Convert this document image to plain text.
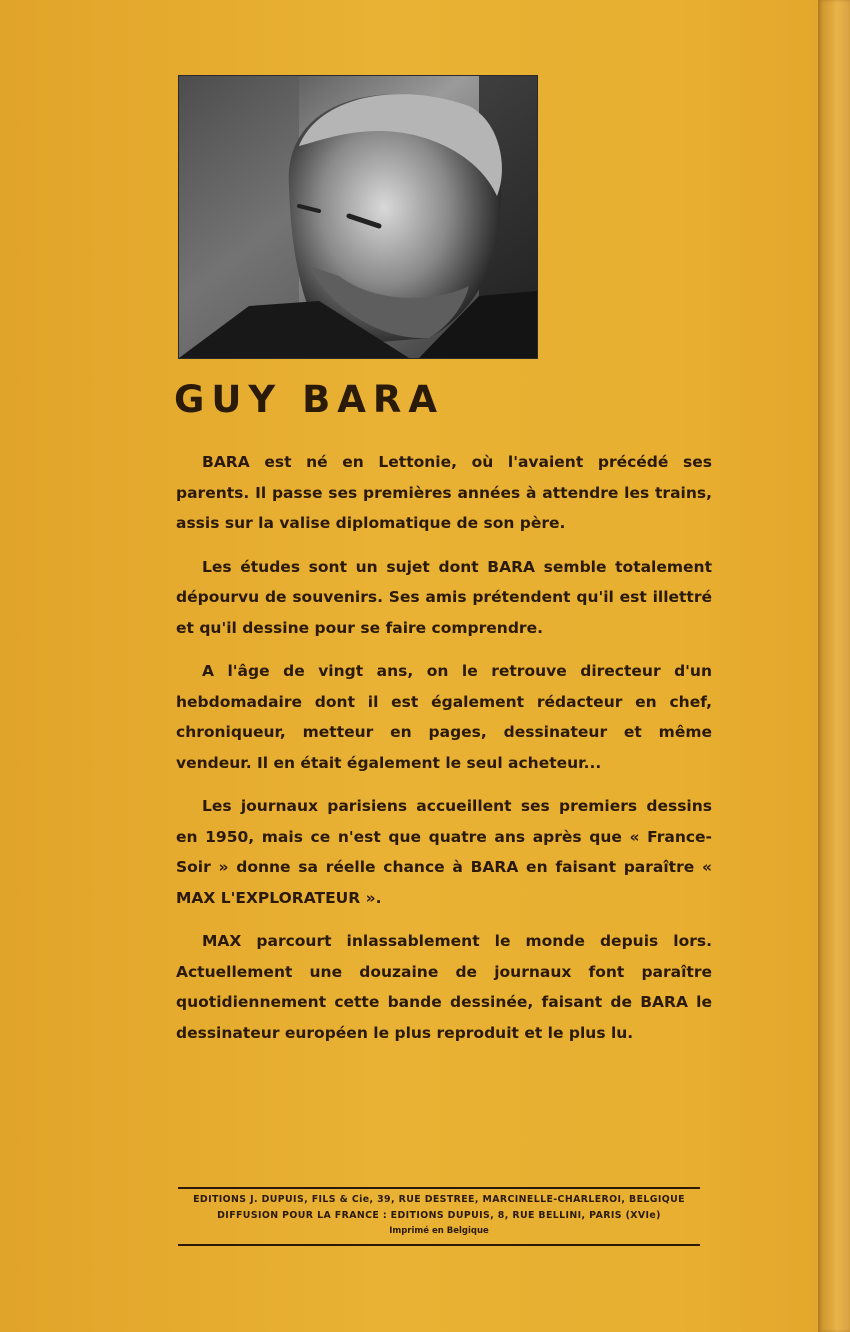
GUY BARA

BARA est né en Lettonie, où l'avaient précédé ses parents. Il passe ses premières années à attendre les trains, assis sur la valise diplomatique de son père.

Les études sont un sujet dont BARA semble totalement dépourvu de souvenirs. Ses amis prétendent qu'il est illettré et qu'il dessine pour se faire comprendre.

A l'âge de vingt ans, on le retrouve directeur d'un hebdomadaire dont il est également rédacteur en chef, chroniqueur, metteur en pages, dessinateur et même vendeur. Il en était également le seul acheteur...

Les journaux parisiens accueillent ses premiers dessins en 1950, mais ce n'est que quatre ans après que « France-Soir » donne sa réelle chance à BARA en faisant paraître « MAX L'EXPLORATEUR ».

MAX parcourt inlassablement le monde depuis lors. Actuellement une douzaine de journaux font paraître quotidiennement cette bande dessinée, faisant de BARA le dessinateur européen le plus reproduit et le plus lu.

EDITIONS J. DUPUIS, FILS & Cie, 39, RUE DESTREE, MARCINELLE-CHARLEROI, BELGIQUE
DIFFUSION POUR LA FRANCE : EDITIONS DUPUIS, 8, RUE BELLINI, PARIS (XVIe)
Imprimé en Belgique
